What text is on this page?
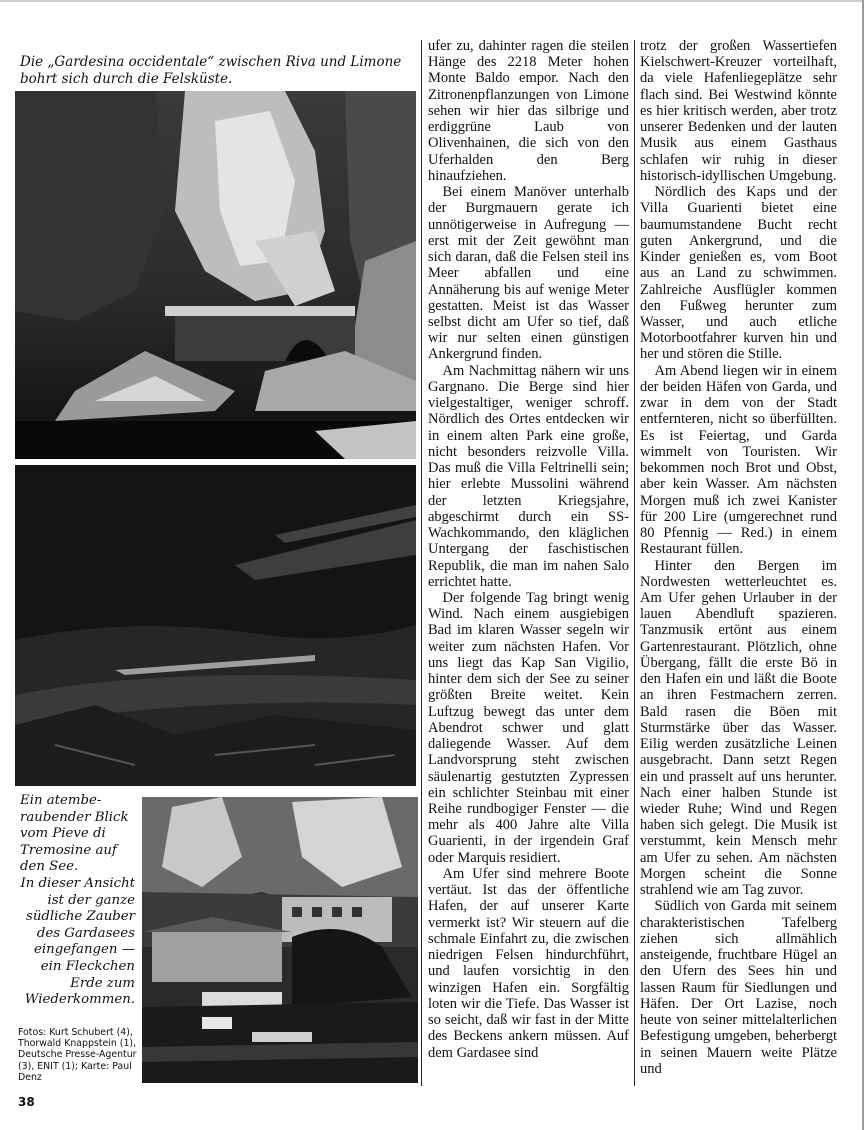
Die „Gardesina occidentale“ zwischen Riva und Limone bohrt sich durch die Felsküste.

Ein atemberaubender Blick vom Pieve di Tremosine auf den See.

In dieser Ansicht ist der ganze südliche Zauber des Gardasees eingefangen — ein Fleckchen Erde zum Wiederkommen.

Fotos: Kurt Schubert (4), Thorwald Knappstein (1), Deutsche Presse-Agentur (3), ENIT (1); Karte: Paul Denz

38

ufer zu, dahinter ragen die steilen Hänge des 2218 Meter hohen Monte Baldo empor. Nach den Zitronenpflanzungen von Limone sehen wir hier das silbrige und erdiggrüne Laub von Olivenhainen, die sich von den Uferhalden den Berg hinaufziehen.

Bei einem Manöver unterhalb der Burgmauern gerate ich unnötigerweise in Aufregung — erst mit der Zeit gewöhnt man sich daran, daß die Felsen steil ins Meer abfallen und eine Annäherung bis auf wenige Meter gestatten. Meist ist das Wasser selbst dicht am Ufer so tief, daß wir nur selten einen günstigen Ankergrund finden.

Am Nachmittag nähern wir uns Gargnano. Die Berge sind hier vielgestaltiger, weniger schroff. Nördlich des Ortes entdecken wir in einem alten Park eine große, nicht besonders reizvolle Villa. Das muß die Villa Feltrinelli sein; hier erlebte Mussolini während der letzten Kriegsjahre, abgeschirmt durch ein SS-Wachkommando, den kläglichen Untergang der faschistischen Republik, die man im nahen Salo errichtet hatte.

Der folgende Tag bringt wenig Wind. Nach einem ausgiebigen Bad im klaren Wasser segeln wir weiter zum nächsten Hafen. Vor uns liegt das Kap San Vigilio, hinter dem sich der See zu seiner größten Breite weitet. Kein Luftzug bewegt das unter dem Abendrot schwer und glatt daliegende Wasser. Auf dem Landvorsprung steht zwischen säulenartig gestutzten Zypressen ein schlichter Steinbau mit einer Reihe rundbogiger Fenster — die mehr als 400 Jahre alte Villa Guarienti, in der irgendein Graf oder Marquis residiert.

Am Ufer sind mehrere Boote vertäut. Ist das der öffentliche Hafen, der auf unserer Karte vermerkt ist? Wir steuern auf die schmale Einfahrt zu, die zwischen niedrigen Felsen hindurchführt, und laufen vorsichtig in den winzigen Hafen ein. Sorgfältig loten wir die Tiefe. Das Wasser ist so seicht, daß wir fast in der Mitte des Beckens ankern müssen. Auf dem Gardasee sind

trotz der großen Wassertiefen Kielschwert-Kreuzer vorteilhaft, da viele Hafenliegeplätze sehr flach sind. Bei Westwind könnte es hier kritisch werden, aber trotz unserer Bedenken und der lauten Musik aus einem Gasthaus schlafen wir ruhig in dieser historisch-idyllischen Umgebung.

Nördlich des Kaps und der Villa Guarienti bietet eine baumumstandene Bucht recht guten Ankergrund, und die Kinder genießen es, vom Boot aus an Land zu schwimmen. Zahlreiche Ausflügler kommen den Fußweg herunter zum Wasser, und auch etliche Motorbootfahrer kurven hin und her und stören die Stille.

Am Abend liegen wir in einem der beiden Häfen von Garda, und zwar in dem von der Stadt entfernteren, nicht so überfüllten. Es ist Feiertag, und Garda wimmelt von Touristen. Wir bekommen noch Brot und Obst, aber kein Wasser. Am nächsten Morgen muß ich zwei Kanister für 200 Lire (umgerechnet rund 80 Pfennig — Red.) in einem Restaurant füllen.

Hinter den Bergen im Nordwesten wetterleuchtet es. Am Ufer gehen Urlauber in der lauen Abendluft spazieren. Tanzmusik ertönt aus einem Gartenrestaurant. Plötzlich, ohne Übergang, fällt die erste Bö in den Hafen ein und läßt die Boote an ihren Festmachern zerren. Bald rasen die Böen mit Sturmstärke über das Wasser. Eilig werden zusätzliche Leinen ausgebracht. Dann setzt Regen ein und prasselt auf uns herunter. Nach einer halben Stunde ist wieder Ruhe; Wind und Regen haben sich gelegt. Die Musik ist verstummt, kein Mensch mehr am Ufer zu sehen. Am nächsten Morgen scheint die Sonne strahlend wie am Tag zuvor.

Südlich von Garda mit seinem charakteristischen Tafelberg ziehen sich allmählich ansteigende, fruchtbare Hügel an den Ufern des Sees hin und lassen Raum für Siedlungen und Häfen. Der Ort Lazise, noch heute von seiner mittelalterlichen Befestigung umgeben, beherbergt in seinen Mauern weite Plätze und
